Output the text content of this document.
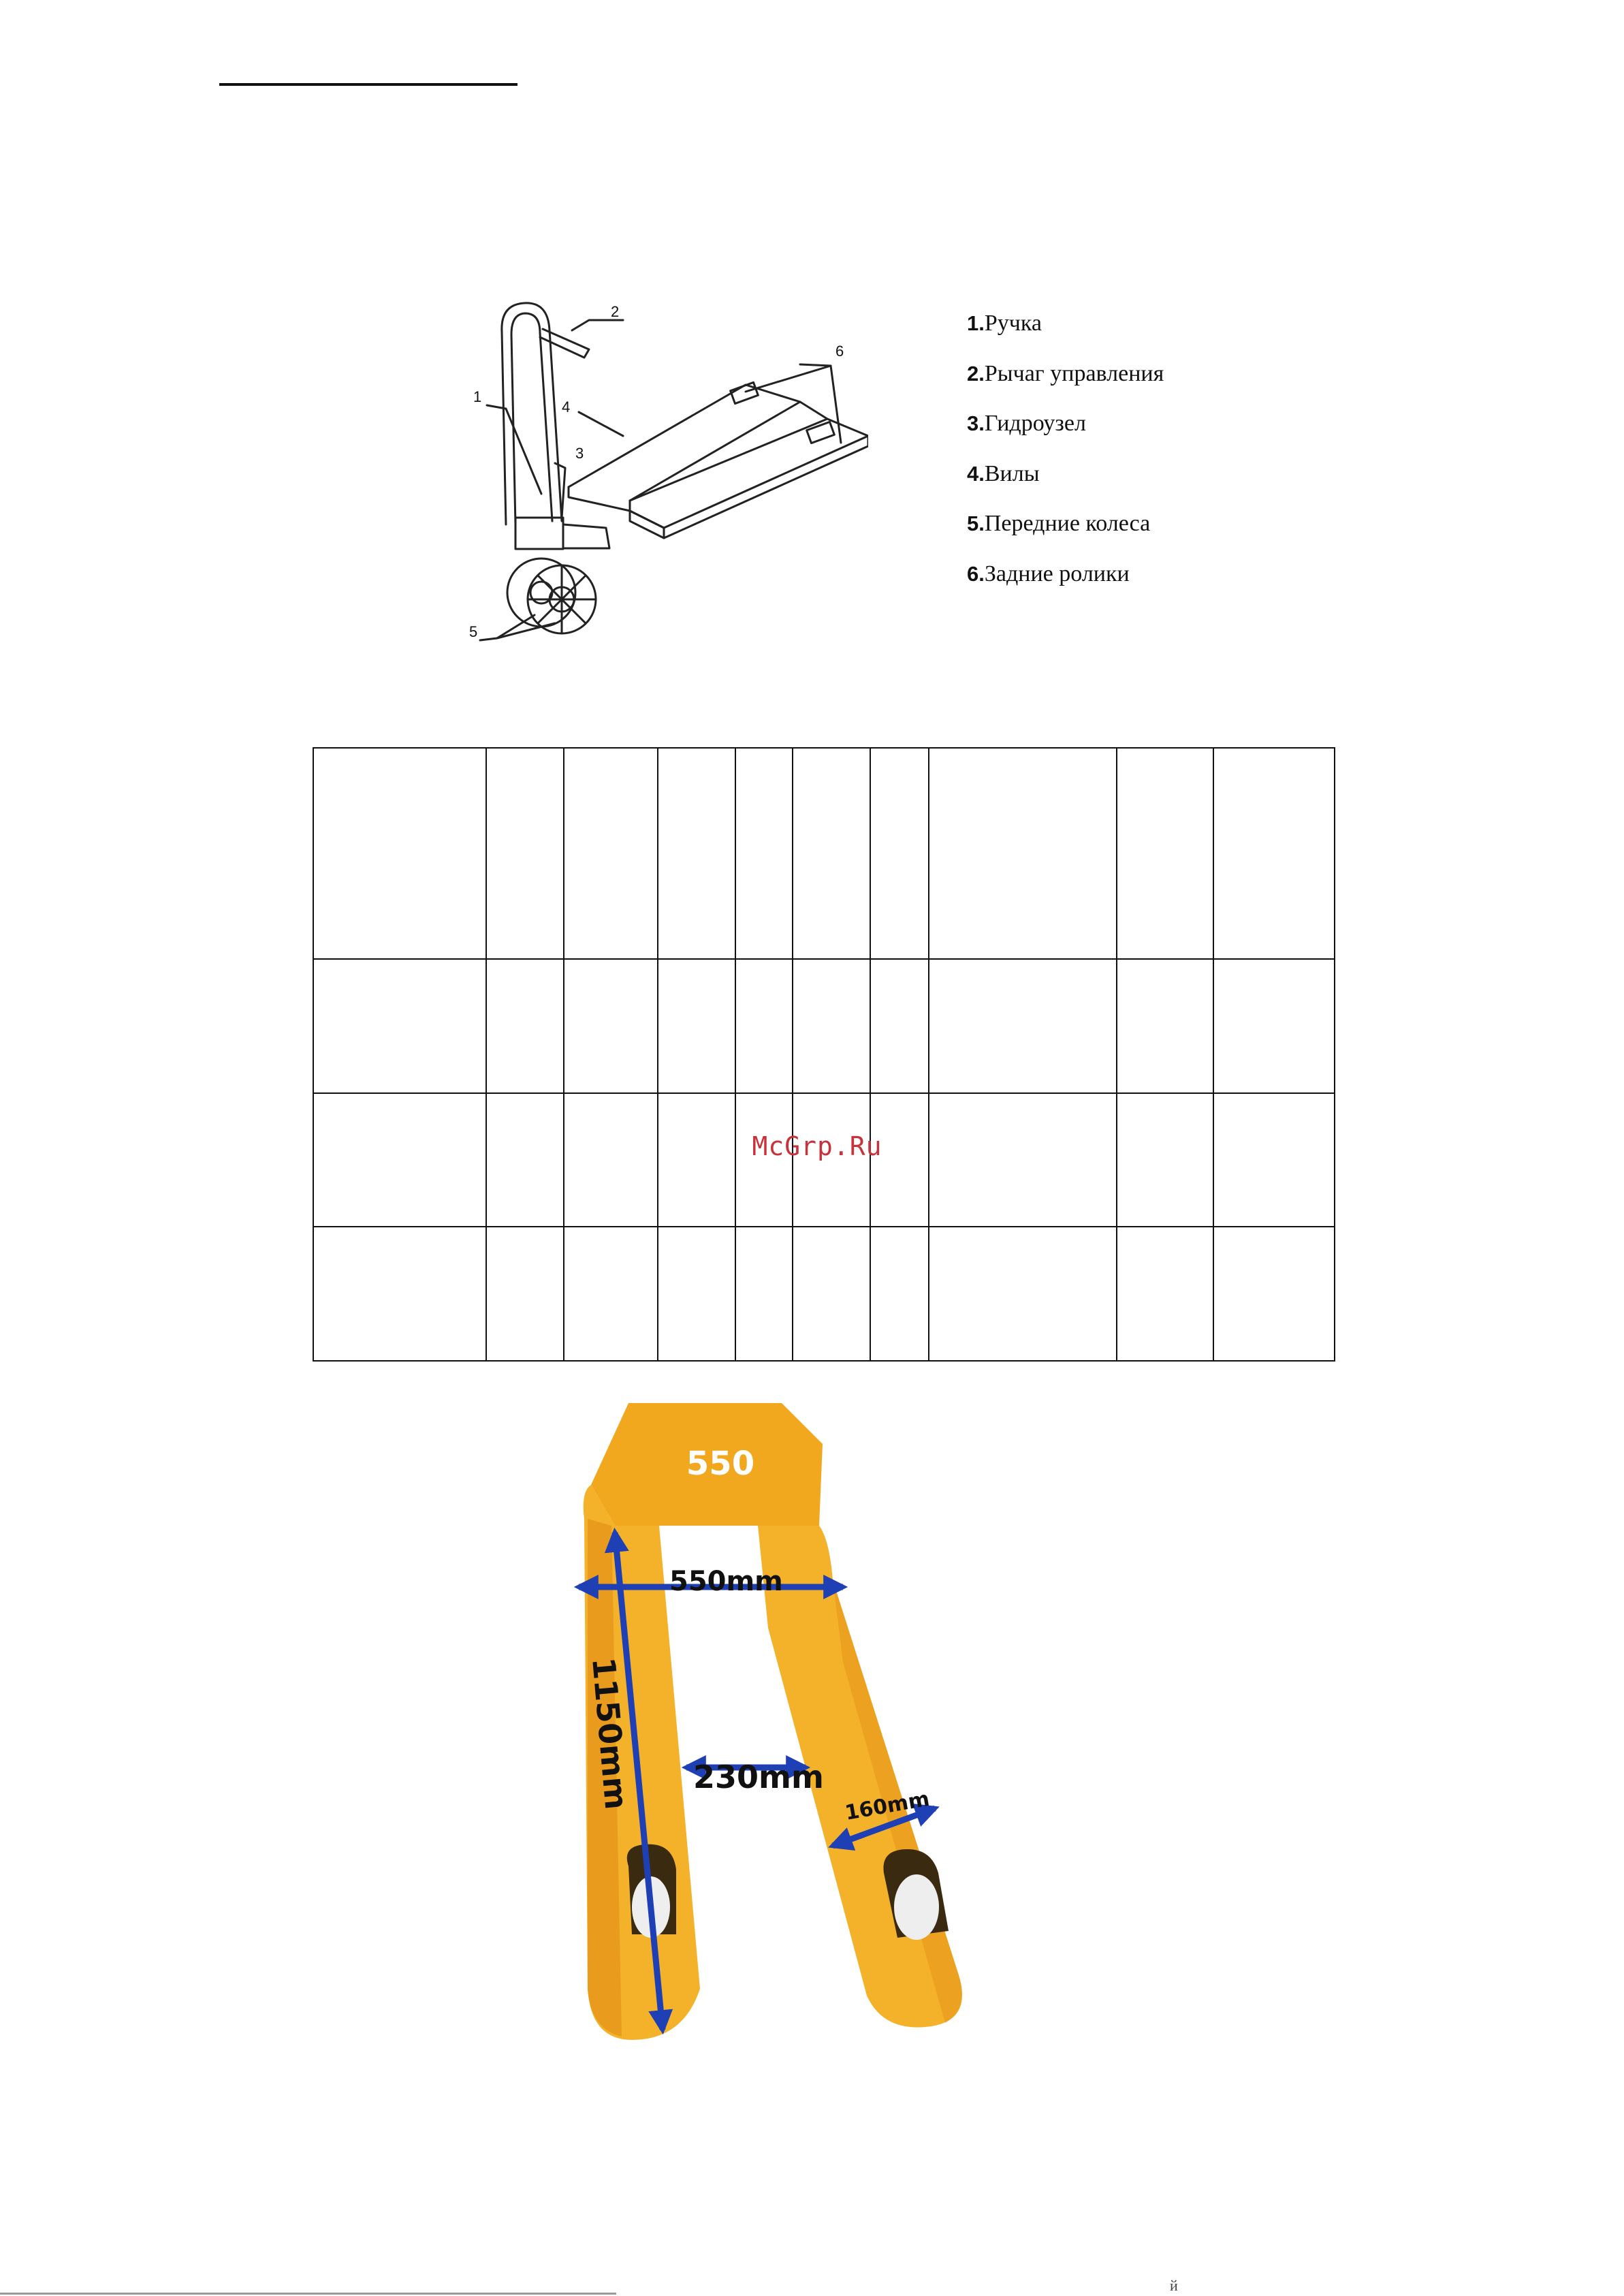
1
2
3
4
5
6
1.Ручка
2.Рычаг управления
3.Гидроузел
4.Вилы
5.Передние колеса
6.Задние ролики

McGrp.Ru
550
550mm
230mm
160mm
1150mm
й
